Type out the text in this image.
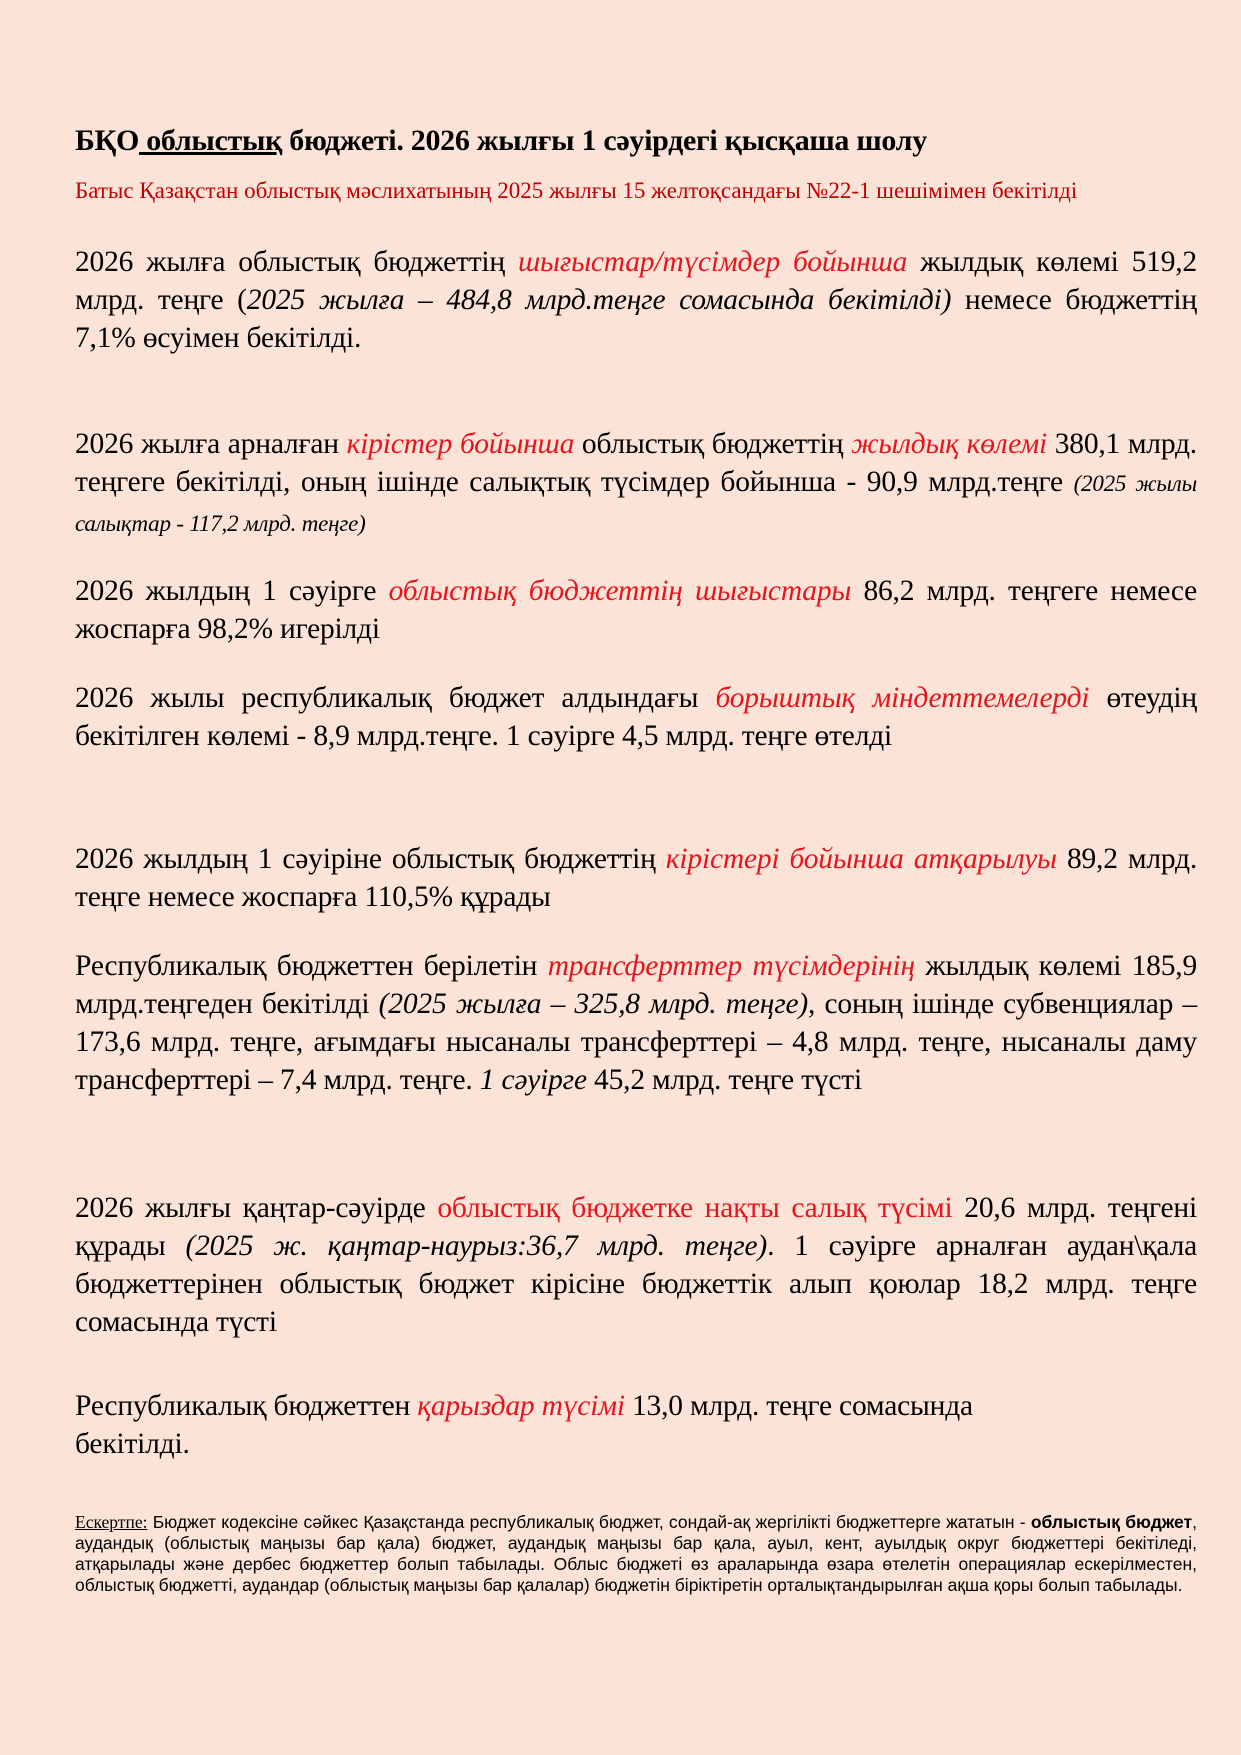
БҚО облыстық бюджеті. 2026 жылғы 1 сәуірдегі қысқаша шолу
Батыс Қазақстан облыстық мәслихатының 2025 жылғы 15 желтоқсандағы №22-1 шешімімен бекітілді

2026 жылға облыстық бюджеттің шығыстар/түсімдер бойынша жылдық көлемі 519,2 млрд. теңге (2025 жылға – 484,8 млрд.теңге сомасында бекітілді) немесе бюджеттің 7,1% өсуімен бекітілді.

2026 жылға арналған кірістер бойынша облыстық бюджеттің жылдық көлемі 380,1 млрд. теңгеге бекітілді, оның ішінде салықтық түсімдер бойынша - 90,9 млрд.теңге (2025 жылы салықтар - 117,2 млрд. теңге)

2026 жылдың 1 сәуірге облыстық бюджеттің шығыстары 86,2 млрд. теңгеге немесе жоспарға 98,2% игерілді

2026 жылы республикалық бюджет алдындағы борыштық міндеттемелерді өтеудің бекітілген көлемі - 8,9 млрд.теңге. 1 сәуірге 4,5 млрд. теңге өтелді

2026 жылдың 1 сәуіріне облыстық бюджеттің кірістері бойынша атқарылуы 89,2 млрд. теңге немесе жоспарға 110,5% құрады

Республикалық бюджеттен берілетін трансферттер түсімдерінің жылдық көлемі 185,9 млрд.теңгеден бекітілді (2025 жылға – 325,8 млрд. теңге), соның ішінде субвенциялар – 173,6 млрд. теңге, ағымдағы нысаналы трансферттері – 4,8 млрд. теңге, нысаналы даму трансферттері – 7,4 млрд. теңге. 1 сәуірге 45,2 млрд. теңге түсті

2026 жылғы қаңтар-сәуірде облыстық бюджетке нақты салық түсімі 20,6 млрд. теңгені құрады (2025 ж. қаңтар-наурыз:36,7 млрд. теңге). 1 сәуірге арналған аудан\қала бюджеттерінен облыстық бюджет кірісіне бюджеттік алып қоюлар 18,2 млрд. теңге сомасында түсті

Республикалық бюджеттен қарыздар түсімі 13,0 млрд. теңге сомасында бекітілді.

Ескертпе: Бюджет кодексіне сәйкес Қазақстанда республикалық бюджет, сондай-ақ жергілікті бюджеттерге жататын - облыстық бюджет, аудандық (облыстық маңызы бар қала) бюджет, аудандық маңызы бар қала, ауыл, кент, ауылдық округ бюджеттері бекітіледі, атқарылады және дербес бюджеттер болып табылады. Облыс бюджеті өз араларында өзара өтелетін операциялар ескерілместен, облыстық бюджетті, аудандар (облыстық маңызы бар қалалар) бюджетін біріктіретін орталықтандырылған ақша қоры болып табылады.
